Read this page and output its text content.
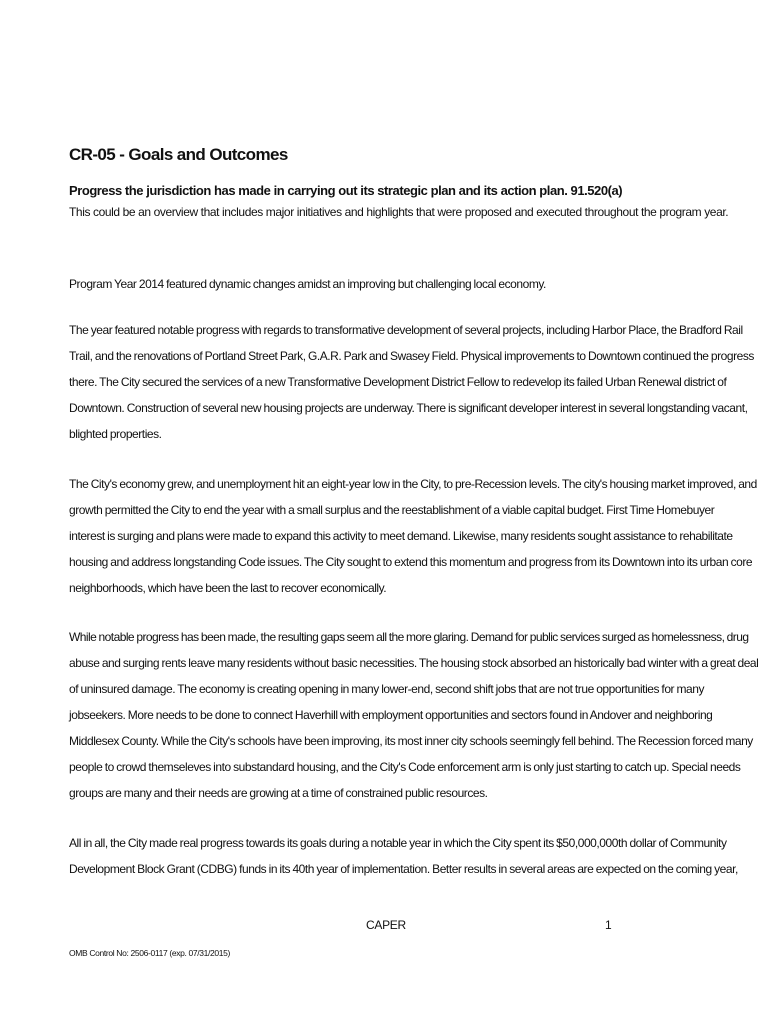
CR-05 - Goals and Outcomes
Progress the jurisdiction has made in carrying out its strategic plan and its action plan. 91.520(a)
This could be an overview that includes major initiatives and highlights that were proposed and executed throughout the program year.
Program Year 2014 featured dynamic changes amidst an improving but challenging local economy.
The year featured notable progress with regards to transformative development of several projects, including Harbor Place, the Bradford Rail
Trail, and the renovations of Portland Street Park, G.A.R. Park and Swasey Field. Physical improvements to Downtown continued the progress
there. The City secured the services of a new Transformative Development District Fellow to redevelop its failed Urban Renewal district of
Downtown. Construction of several new housing projects are underway. There is significant developer interest in several longstanding vacant,
blighted properties.
The City's economy grew, and unemployment hit an eight-year low in the City, to pre-Recession levels. The city's housing market improved, and
growth permitted the City to end the year with a small surplus and the reestablishment of a viable capital budget. First Time Homebuyer
interest is surging and plans were made to expand this activity to meet demand. Likewise, many residents sought assistance to rehabilitate
housing and address longstanding Code issues. The City sought to extend this momentum and progress from its Downtown into its urban core
neighborhoods, which have been the last to recover economically.
While notable progress has been made, the resulting gaps seem all the more glaring. Demand for public services surged as homelessness, drug
abuse and surging rents leave many residents without basic necessities. The housing stock absorbed an historically bad winter with a great deal
of uninsured damage. The economy is creating opening in many lower-end, second shift jobs that are not true opportunities for many
jobseekers. More needs to be done to connect Haverhill with employment opportunities and sectors found in Andover and neighboring
Middlesex County. While the City's schools have been improving, its most inner city schools seemingly fell behind. The Recession forced many
people to crowd themseleves into substandard housing, and the City's Code enforcement arm is only just starting to catch up. Special needs
groups are many and their needs are growing at a time of constrained public resources.
All in all, the City made real progress towards its goals during a notable year in which the City spent its $50,000,000th dollar of Community
Development Block Grant (CDBG) funds in its 40th year of implementation. Better results in several areas are expected on the coming year,
CAPER	1
OMB Control No: 2506-0117 (exp. 07/31/2015)
